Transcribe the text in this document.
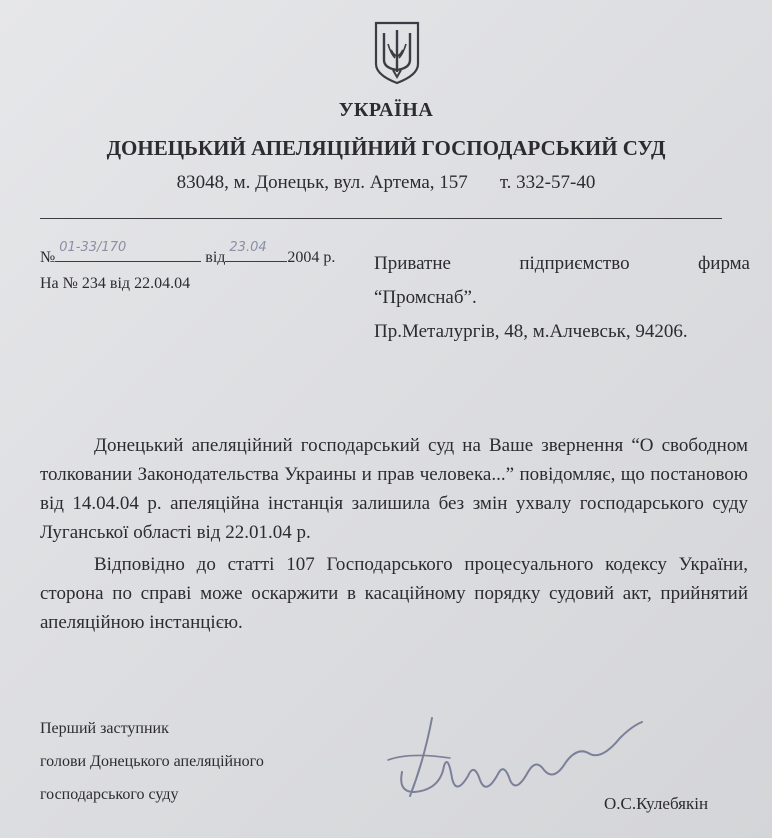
УКРАЇНА
ДОНЕЦЬКИЙ АПЕЛЯЦІЙНИЙ ГОСПОДАРСЬКИЙ СУД
83048, м. Донецьк, вул. Артема, 157 т. 332-57-40
№
01-33/170
від
23.04
2004 р.
На № 234 від 22.04.04
Приватне підприємство фирма
“Промснаб”.
Пр.Металургів, 48, м.Алчевськ, 94206.

Донецький апеляційний господарський суд на Ваше звернення “О свободном толковании Законодательства Украины и прав человека...” повідомляє, що постановою від 14.04.04 р. апеляційна інстанція залишила без змін ухвалу господарського суду Луганської області від 22.01.04 р.

Відповідно до статті 107 Господарського процесуального кодексу України, сторона по справі може оскаржити в касаційному порядку судовий акт, прийнятий апеляційною інстанцією.

Перший заступник
голови Донецького апеляційного
господарського суду	О.С.Кулебякін
